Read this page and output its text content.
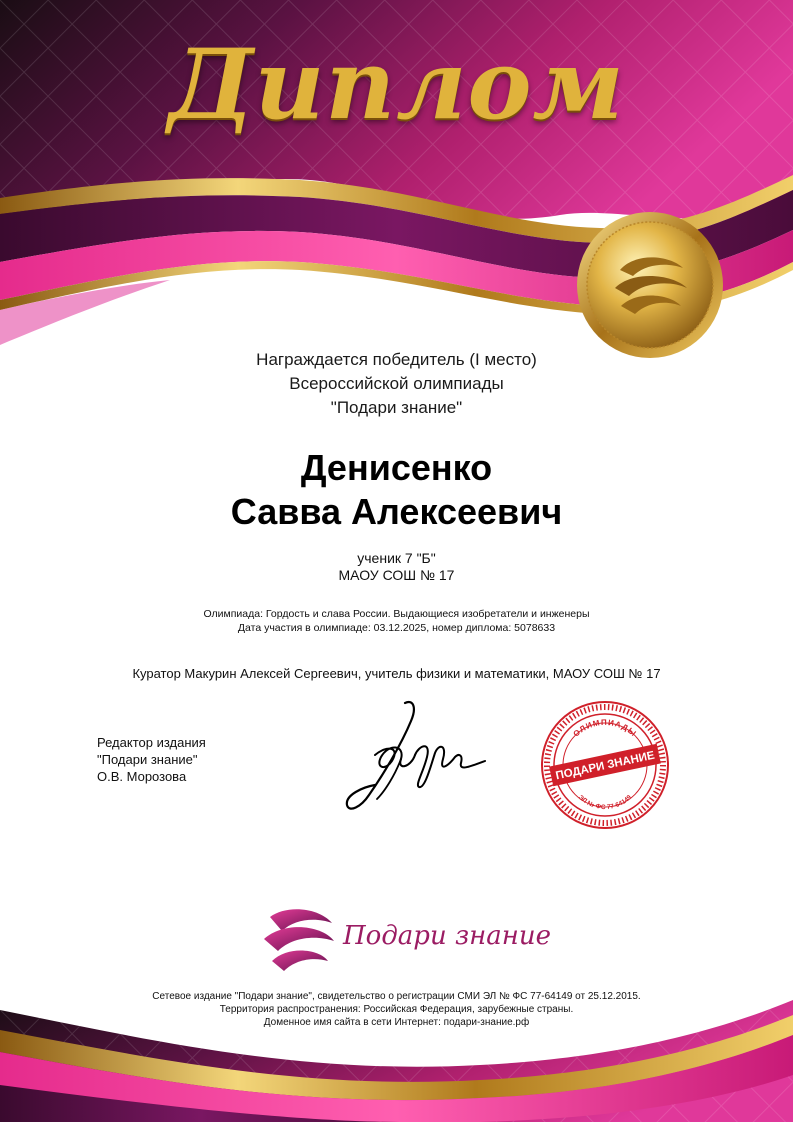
Диплом
Награждается победитель (I место)
Всероссийской олимпиады
"Подари знание"
Денисенко
Савва Алексеевич
ученик 7 "Б"
МАОУ СОШ № 17
Олимпиада: Гордость и слава России. Выдающиеся изобретатели и инженеры
Дата участия в олимпиаде: 03.12.2025, номер диплома: 5078633
Куратор Макурин Алексей Сергеевич, учитель физики и математики, МАОУ СОШ № 17
Редактор издания
"Подари знание"
О.В. Морозова
ОЛИМПИАДЫ
ПОДАРИ ЗНАНИЕ
ЭЛ № ФС 77-64149
Подари знание
Сетевое издание "Подари знание", свидетельство о регистрации СМИ ЭЛ № ФС 77-64149 от 25.12.2015.
Территория распространения: Российская Федерация, зарубежные страны.
Доменное имя сайта в сети Интернет: подари-знание.рф
